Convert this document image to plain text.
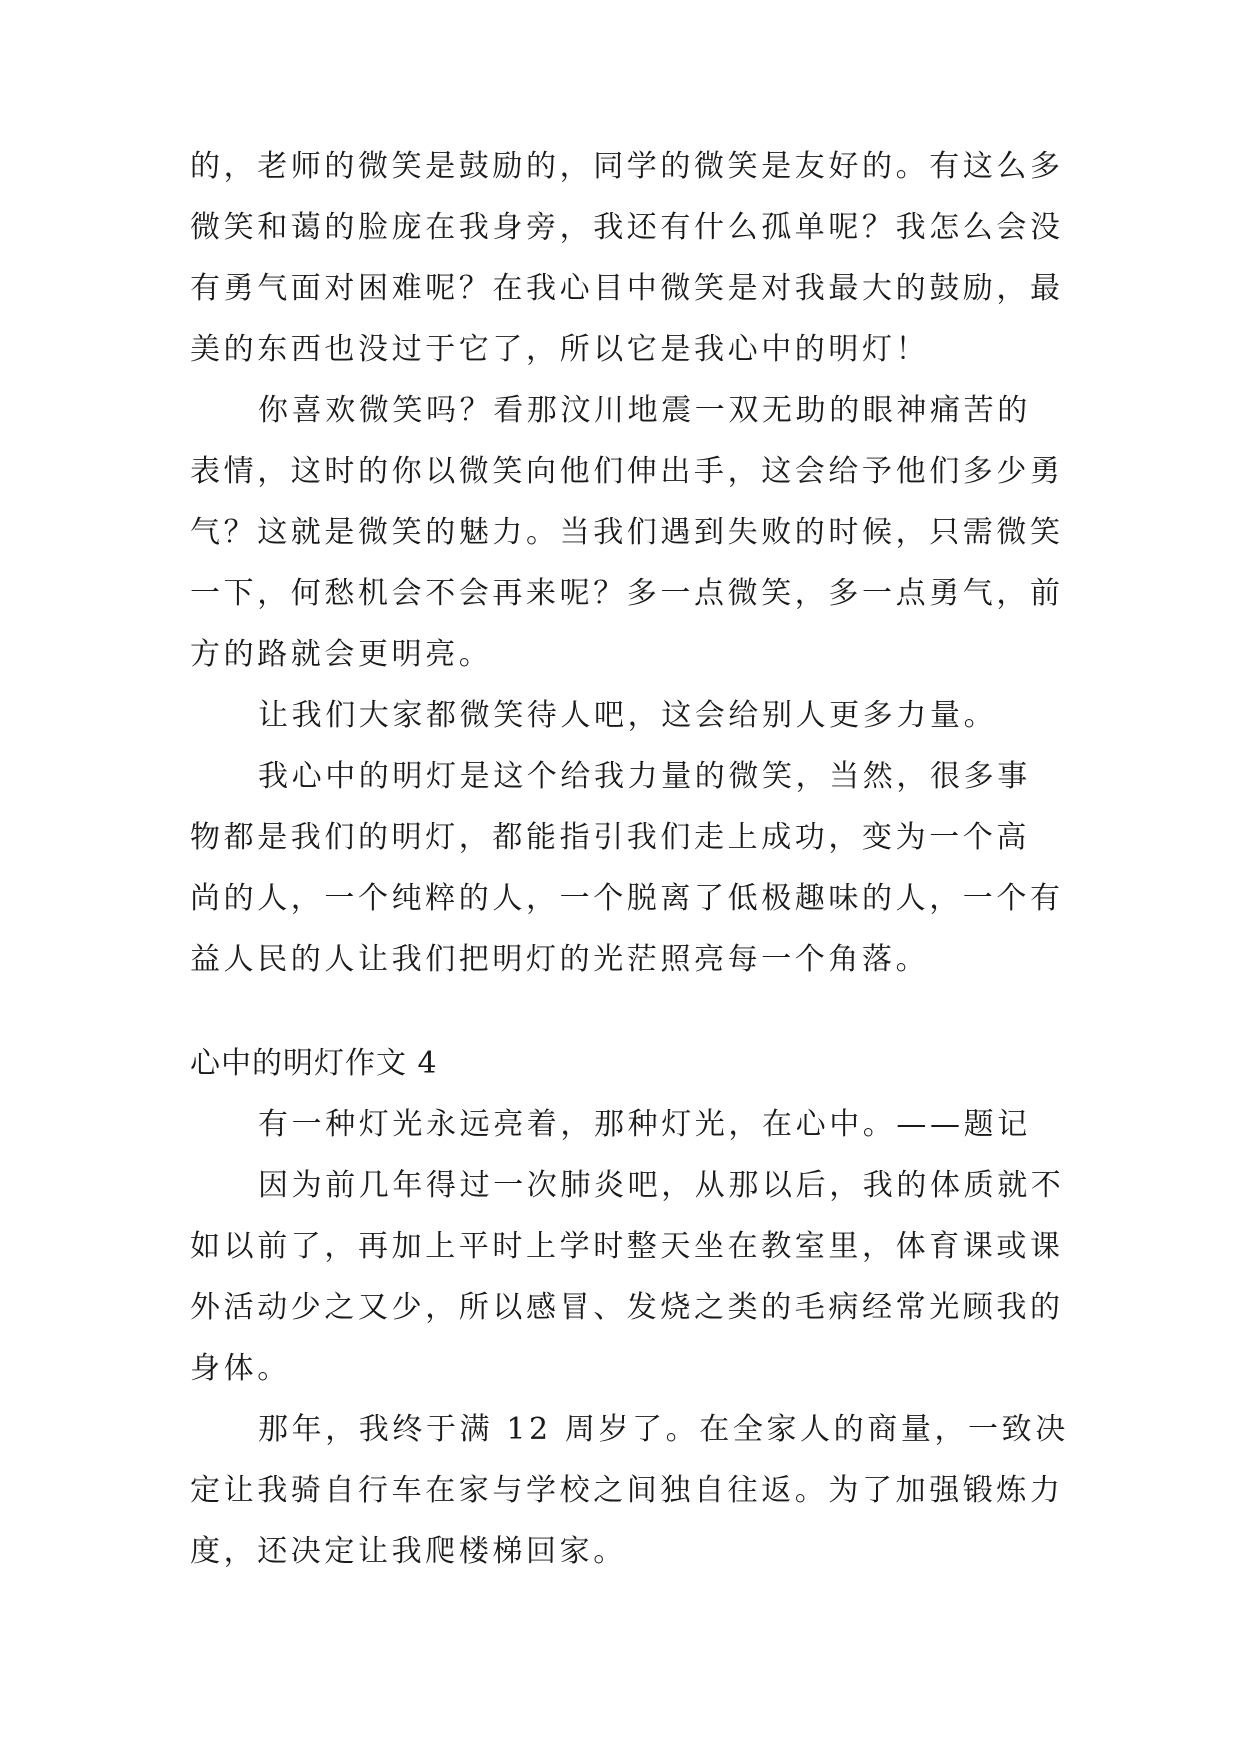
的，老师的微笑是鼓励的，同学的微笑是友好的。有这么多
微笑和蔼的脸庞在我身旁，我还有什么孤单呢？我怎么会没
有勇气面对困难呢？在我心目中微笑是对我最大的鼓励，最
美的东西也没过于它了，所以它是我心中的明灯！
你喜欢微笑吗？看那汶川地震一双无助的眼神痛苦的
表情，这时的你以微笑向他们伸出手，这会给予他们多少勇
气？这就是微笑的魅力。当我们遇到失败的时候，只需微笑
一下，何愁机会不会再来呢？多一点微笑，多一点勇气，前
方的路就会更明亮。
让我们大家都微笑待人吧，这会给别人更多力量。
我心中的明灯是这个给我力量的微笑，当然，很多事
物都是我们的明灯，都能指引我们走上成功，变为一个高
尚的人，一个纯粹的人，一个脱离了低极趣味的人，一个有
益人民的人让我们把明灯的光茫照亮每一个角落。
心中的明灯作文 4
有一种灯光永远亮着，那种灯光，在心中。——题记
因为前几年得过一次肺炎吧，从那以后，我的体质就不
如以前了，再加上平时上学时整天坐在教室里，体育课或课
外活动少之又少，所以感冒、发烧之类的毛病经常光顾我的
身体。
那年，我终于满 12 周岁了。在全家人的商量，一致决
定让我骑自行车在家与学校之间独自往返。为了加强锻炼力
度，还决定让我爬楼梯回家。
